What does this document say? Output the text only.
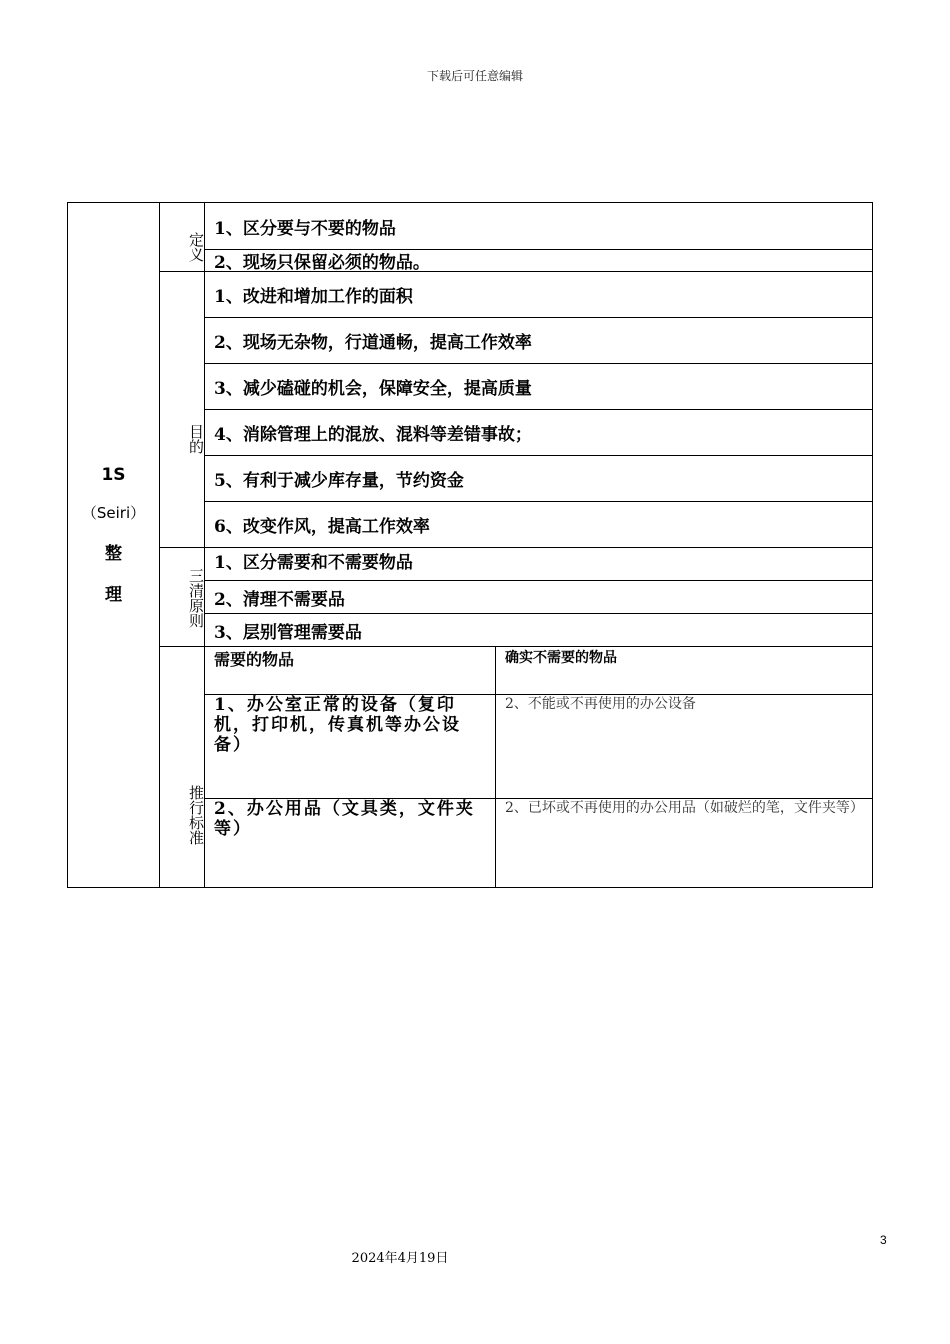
下载后可任意编辑
1S
（Seiri）
整
理
定义
1、区分要与不要的物品
2、现场只保留必须的物品。
目的
1、改进和增加工作的面积
2、现场无杂物，行道通畅，提高工作效率
3、减少磕碰的机会，保障安全，提高质量
4、消除管理上的混放、混料等差错事故；
5、有利于减少库存量，节约资金
6、改变作风，提高工作效率
三清原则
1、区分需要和不需要物品
2、清理不需要品
3、层别管理需要品
推行标准
需要的物品	确实不需要的物品
1、办公室正常的设备（复印机，打印机，传真机等办公设备）
2、不能或不再使用的办公设备
2、办公用品（文具类，文件夹等）
2、已坏或不再使用的办公用品（如破烂的笔，文件夹等）
3
2024年4月19日
